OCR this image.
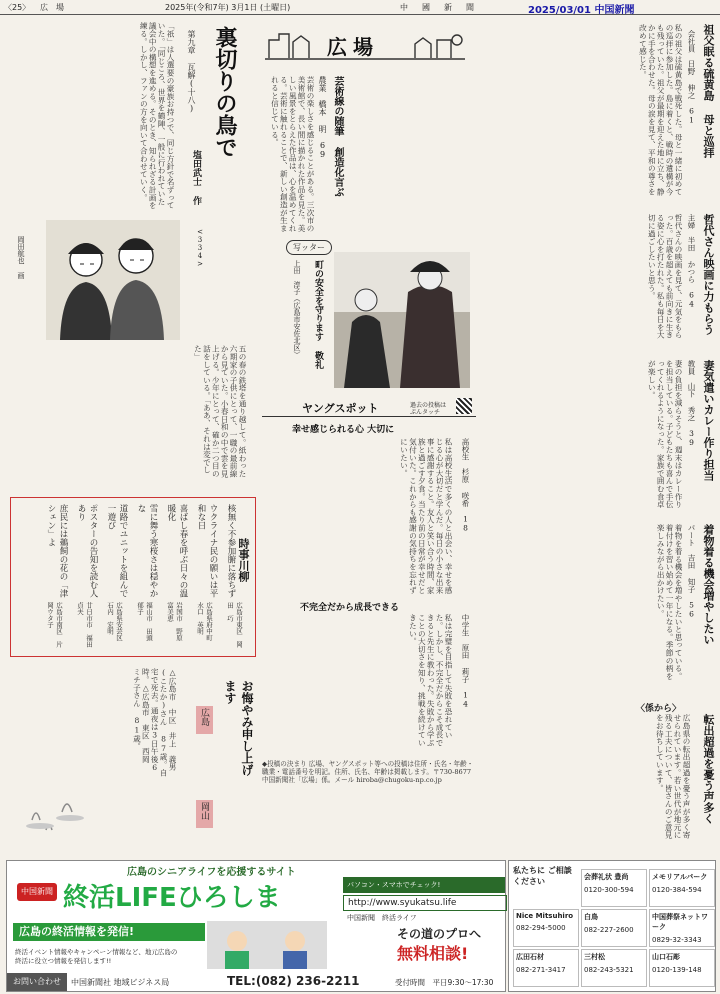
〈25〉 広　場	2025年(令和7年) 3月1日 (土曜日)	中　國　新　聞	2025/03/01 中国新聞
裏切りの鳥で
第九章 瓦解(十八)
塩田武士 作
<334>
「祇」は人選要の豪族お持つで、同じ方針で名ずっていた。「同じころ、世界を鶴陣、一般に行われていた議会中の構想を進める。そのとき、知られざる計画を練る。しかし、ファンの方を向いて合わせていく。
岡田航也 画
五の春の鉄塔を通り越して。紙わった六期家の子供にとって、一職の最前線から見ていた。小春日和の中で雲を見上げる。少年にとって、確か二つ目の話をしている。「ああ、それは変でした」
時事川柳
核無く不参加腑に落ちず
広島市東区　岡田　巧
ウクライナ民の願いは平和な日
広島県府中町　水口　英明
喜ばし春を呼ぶ日々の温暖化
岩国市　野原　富美恵
雪に舞う寒桜さは穏やかな
福山市　田頭　郁子
道路でユニットを組んで一遊び
広島県安芸区　石内　宏明
ポスターの告知を読む人あり
廿日市市　福田　貞夫
庶民には鵜飼の花の「津シェン」よ
広島市南区　片岡ウタ子
お悔やみ申し上げます
広島
岡山
△広島市　中区　井上　義男(こたか)さん 87歳。自宅で死去。通夜は3日午後6時。△広島市　東区　西岡　ミチ子さん 81歳。
広場
芸術線の随筆 創造化言ぶ
農業　橋本 明　69
芸術の楽しさを感じることがある。三次市の美術館で、長い間に描かれた作品を見た。美しい風景をとらえた作品は、心を温めてくれる。芸術に触れることで、新しい創造が生まれると信じている。
写ッター
町の安全を守ります 敬礼
上田　淳子（広島市安佐北区）
ヤングスポット	過去の投稿は ぷんタッチ
幸せ感じられる心 大切に
高校生　杉原 咲希　18
私は高校生活で多くの人と出会い、幸せを感じる心が大切だと学んだ。毎日の小さな出来事に感謝すること。友人と笑い合う時間、家族と過ごす夕食。当たり前の日常が幸せだと気付いた。これからも感謝の気持ちを忘れずにいたい。
不完全だから成長できる
中学生　原田 莉子　14
私は完璧を目指して失敗を恐れていた。しかし、不完全だからこそ成長できると先生に教わった。失敗から学ぶことの大切さを知り、挑戦を続けていきたい。
◆投稿の決まり 広場、ヤングスポット等への投稿は住所・氏名・年齢・職業・電話番号を明記。住所、氏名、年齢は掲載します。〒730-8677 中国新聞社「広場」係。メール hiroba@chugoku-np.co.jp
祖父眠る硫黄島 母と巡拝
会社員　日野 伸之　61
私の祖父は硫黄島で戦死した。母と一緒に初めての巡拝に参加した。島に着くと、戦時の遺構が今も残っていた。祖父が最期を迎えた地に立ち、静かに手を合わせた。母の涙を見て、平和の尊さを改めて感じた。
哲代さん映画に力もらう
主婦　半田 かつら　64
哲代さんの映画を見て、元気をもらった。百歳を超えても前向きに生きる姿に心を打たれた。私も毎日を大切に過ごしたいと思う。
妻気遣いカレー作り担当
教員　山下 秀之　39
妻の負担を減らそうと、週末はカレー作りを担当している。子どもたちも喜んで手伝ってくれるようになった。家族で囲む食卓が楽しい。
着物着る機会増やしたい
パート　吉田 知子　56
着物を着る機会を増やしたいと思っている。着付けを習い始めて一年になる。季節の柄を楽しみながら出かけたい。
〈係から〉
転出超過を憂う声多く
広島県の転出超過を憂う声が多く寄せられています。若い世代が地元に残る工夫について、皆さんのご意見をお待ちしています。
広島のシニアライフを応援するサイト
中国新聞 終活LIFEひろしま	パソコン・スマホでチェック!
http://www.syukatsu.life
中国新聞　終活ライフ
広島の終活情報を発信!
終活イベント情報やキャンペーン情報など、地元広島の
終活に役立つ情報を発信します!!
その道のプロへ
無料相談!
お問い合わせ	中国新聞社 地域ビジネス局	TEL:(082) 236-2211	受付時間　平日9:30～17:30
私たちに ご相談ください	会葬礼状 豊尚
0120-300-594
メモリアルパーク
0120-384-594
Nice Mitsuhiro
082-294-5000
白鳥
082-227-2600
中国葬祭ネットワーク
0829-32-3343
広田石材
082-271-3417
三村松
082-243-5321
山口石彫
0120-139-148
